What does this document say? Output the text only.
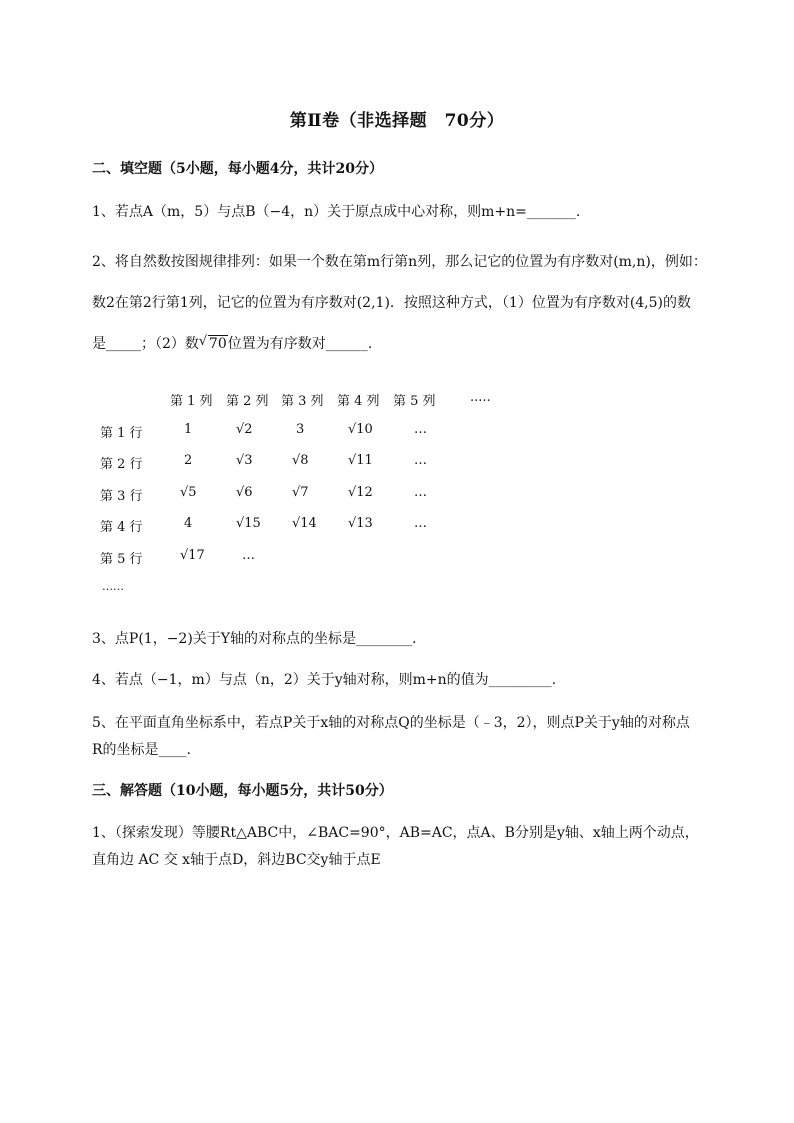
第Ⅱ卷（非选择题　70分）
二、填空题（5小题，每小题4分，共计20分）
1、若点A（m，5）与点B（−4，n）关于原点成中心对称，则m+n=_______.
2、将自然数按图规律排列：如果一个数在第m行第n列，那么记它的位置为有序数对(m,n)，例如：
数2在第2行第1列，记它的位置为有序数对(2,1)．按照这种方式，（1）位置为有序数对(4,5)的数
是_____；（2）数 √ 70位置为有序数对______.
第 1 列 第 2 列 第 3 列 第 4 列 第 5 列	.....
第 1 行	1	√2	3	√10	…
第 2 行	2	√3	√8	√11	…
第 3 行	√5	√6	√7	√12	…
第 4 行	4	√15 √14 √13	…
第 5 行	√17	…
……
3、点P(1，−2)关于Y轴的对称点的坐标是________.
4、若点（−1，m）与点（n，2）关于y轴对称，则m+n的值为_________.
5、在平面直角坐标系中，若点P关于x轴的对称点Q的坐标是（﹣3，2），则点P关于y轴的对称点
R的坐标是____.
三、解答题（10小题，每小题5分，共计50分）
1、（探索发现）等腰Rt△ABC中，∠BAC=90°，AB=AC，点A、B分别是y轴、x轴上两个动点，
直角边 AC 交 x轴于点D，斜边BC交y轴于点E
